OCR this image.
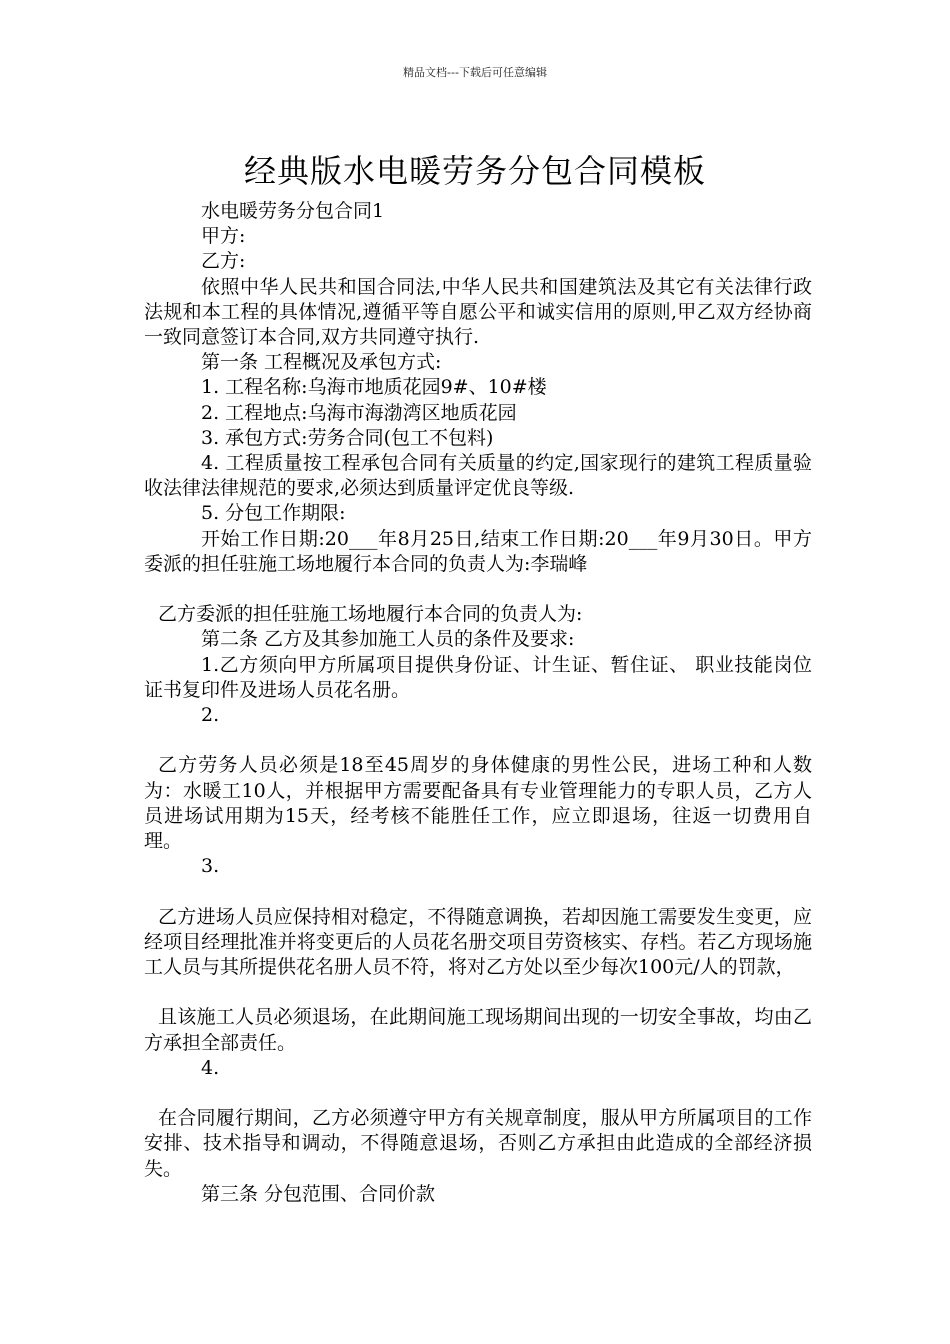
精品文档---下载后可任意编辑
经典版水电暖劳务分包合同模板

水电暖劳务分包合同1

甲方:

乙方:

依照中华人民共和国合同法,中华人民共和国建筑法及其它有关法律行政法规和本工程的具体情况,遵循平等自愿公平和诚实信用的原则,甲乙双方经协商一致同意签订本合同,双方共同遵守执行.

第一条 工程概况及承包方式:

1. 工程名称:乌海市地质花园9#、10#楼

2. 工程地点:乌海市海渤湾区地质花园

3. 承包方式:劳务合同(包工不包料)

4. 工程质量按工程承包合同有关质量的约定,国家现行的建筑工程质量验收法律法律规范的要求,必须达到质量评定优良等级.

5. 分包工作期限:

开始工作日期:20___年8月25日,结束工作日期:20___年9月30日。甲方委派的担任驻施工场地履行本合同的负责人为:李瑞峰

乙方委派的担任驻施工场地履行本合同的负责人为:

第二条 乙方及其参加施工人员的条件及要求:

1.乙方须向甲方所属项目提供身份证、计生证、暂住证、 职业技能岗位证书复印件及进场人员花名册。

2.

乙方劳务人员必须是18至45周岁的身体健康的男性公民，进场工种和人数为：水暖工10人，并根据甲方需要配备具有专业管理能力的专职人员，乙方人员进场试用期为15天，经考核不能胜任工作，应立即退场，往返一切费用自理。

3.

乙方进场人员应保持相对稳定，不得随意调换，若却因施工需要发生变更，应经项目经理批准并将变更后的人员花名册交项目劳资核实、存档。若乙方现场施工人员与其所提供花名册人员不符，将对乙方处以至少每次100元/人的罚款，

且该施工人员必须退场，在此期间施工现场期间出现的一切安全事故，均由乙方承担全部责任。

4.

在合同履行期间，乙方必须遵守甲方有关规章制度，服从甲方所属项目的工作安排、技术指导和调动，不得随意退场，否则乙方承担由此造成的全部经济损失。

第三条 分包范围、合同价款
